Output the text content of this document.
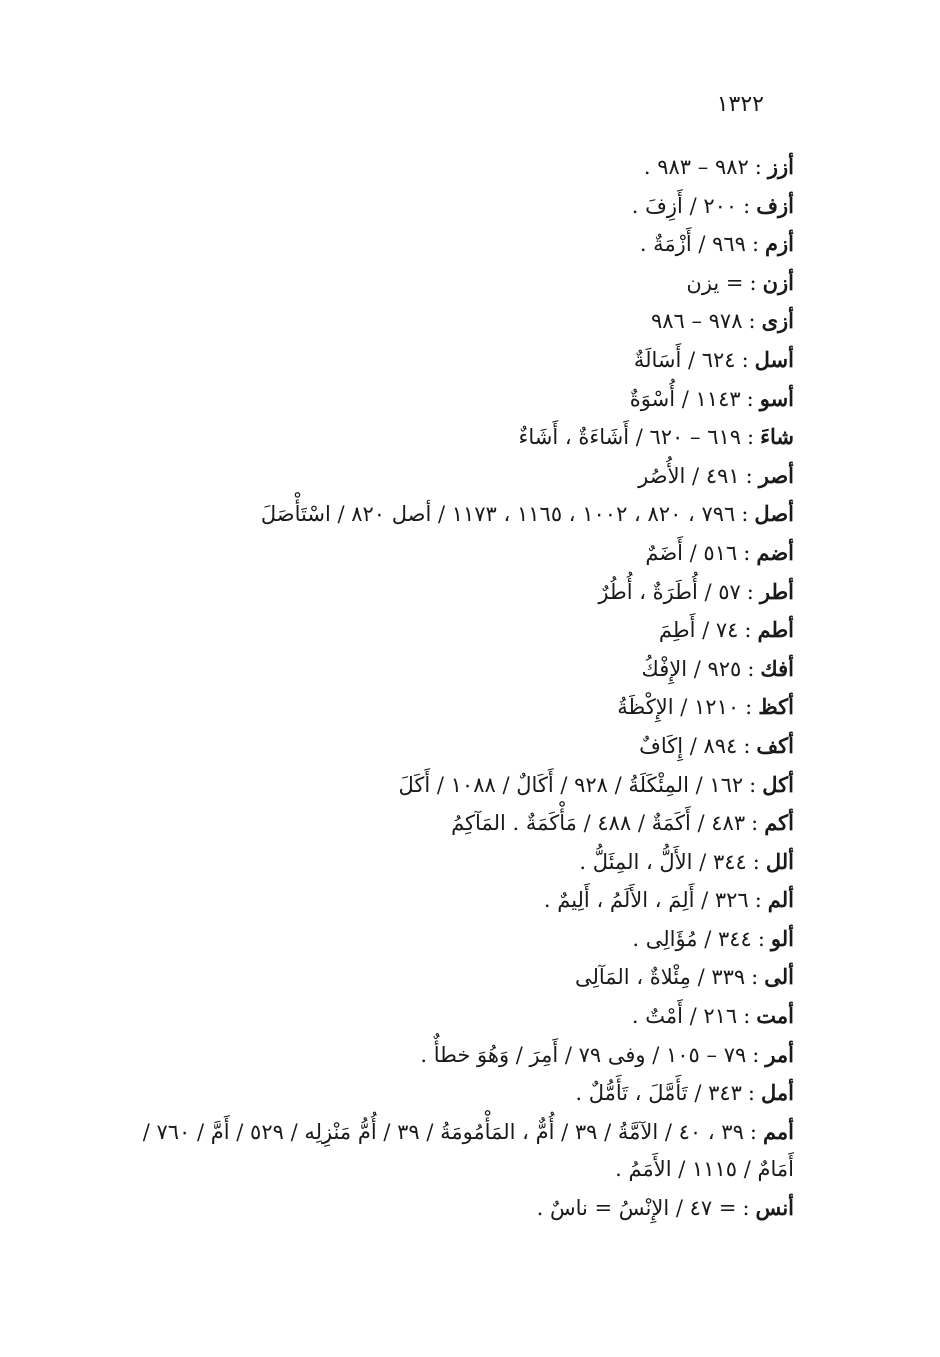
١٣٢٢
أزز:٩٨٢ – ٩٨٣ .
أزف:٢٠٠ / أَزِفَ .
أزم:٩٦٩ / أَزْمَةٌ .
أزن:= يزن
أزى:٩٧٨ – ٩٨٦
أسل:٦٢٤ / أَسَالَةٌ
أسو:١١٤٣ / أُسْوَةٌ
شاءَ:٦١٩ – ٦٢٠ / أَشَاءَةٌ ، أَشَاءٌ
أصر:٤٩١ / الأُصُر
أصل:٧٩٦ ، ٨٢٠ ، ١٠٠٢ ، ١١٦٥ ، ١١٧٣ / أصل ٨٢٠ / اسْتَأْصَلَ
أضم:٥١٦ / أَضَمٌ
أطر:٥٧ / أُطَرَةٌ ، أُطُرٌ
أطم:٧٤ / أَطِمَ
أفك:٩٢٥ / الإِفْكُ
أكظ:١٢١٠ / الإِكْظَةُ
أكف:٨٩٤ / إِكَافٌ
أكل:١٦٢ / المِئْكَلَةُ / ٩٢٨ / أَكَالٌ / ١٠٨٨ / أَكَلَ
أكم:٤٨٣ / أَكَمَةٌ / ٤٨٨ / مَأْكَمَةٌ . المَآكِمُ
ألل:٣٤٤ / الأَلُّ ، المِئَلُّ .
ألم:٣٢٦ / أَلِمَ ، الأَلَمُ ، أَلِيمٌ .
ألو:٣٤٤ / مُؤَالِى .
ألى:٣٣٩ / مِئْلاةٌ ، المَآلِى
أمت:٢١٦ / أَمْتٌ .
أمر:٧٩ – ١٠٥ / وفى ٧٩ / أَمِرَ / وَهُوَ خطأٌ .
أمل:٣٤٣ / تَأَمَّلَ ، تَأَمُّلٌ .
أمم:٣٩ ، ٤٠ / الآمَّةُ / ٣٩ / أُمٌّ ، المَأْمُومَةُ / ٣٩ / أُمُّ مَنْزِلِه / ٥٢٩ / أَمَّ / ٧٦٠ / أَمَامٌ / ١١١٥ / الأَمَمُ .
أنس:= ٤٧ / الإِنْسُ = ناسٌ .
